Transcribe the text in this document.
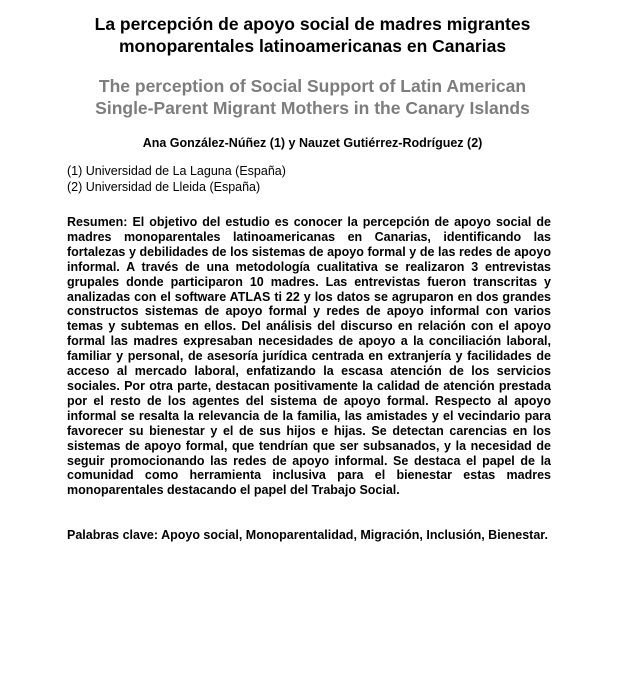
La percepción de apoyo social de madres migrantes
monoparentales latinoamericanas en Canarias
The perception of Social Support of Latin American
Single-Parent Migrant Mothers in the Canary Islands
Ana González-Núñez (1) y Nauzet Gutiérrez-Rodríguez (2)
(1) Universidad de La Laguna (España)
(2) Universidad de Lleida (España)
Resumen: El objetivo del estudio es conocer la percepción de apoyo social de madres monoparentales latinoamericanas en Canarias, identificando las fortalezas y debilidades de los sistemas de apoyo formal y de las redes de apoyo informal. A través de una metodología cualitativa se realizaron 3 entrevistas grupales donde participaron 10 madres. Las entrevistas fueron transcritas y analizadas con el software ATLAS ti 22 y los datos se agruparon en dos grandes constructos sistemas de apoyo formal y redes de apoyo informal con varios temas y subtemas en ellos. Del análisis del discurso en relación con el apoyo formal las madres expresaban necesidades de apoyo a la conciliación laboral, familiar y personal, de asesoría jurídica centrada en extranjería y facilidades de acceso al mercado laboral, enfatizando la escasa atención de los servicios sociales. Por otra parte, destacan positivamente la calidad de atención prestada por el resto de los agentes del sistema de apoyo formal. Respecto al apoyo informal se resalta la relevancia de la familia, las amistades y el vecindario para favorecer su bienestar y el de sus hijos e hijas. Se detectan carencias en los sistemas de apoyo formal, que tendrían que ser subsanados, y la necesidad de seguir promocionando las redes de apoyo informal. Se destaca el papel de la comunidad como herramienta inclusiva para el bienestar estas madres monoparentales destacando el papel del Trabajo Social.
Palabras clave: Apoyo social, Monoparentalidad, Migración, Inclusión, Bienestar.
